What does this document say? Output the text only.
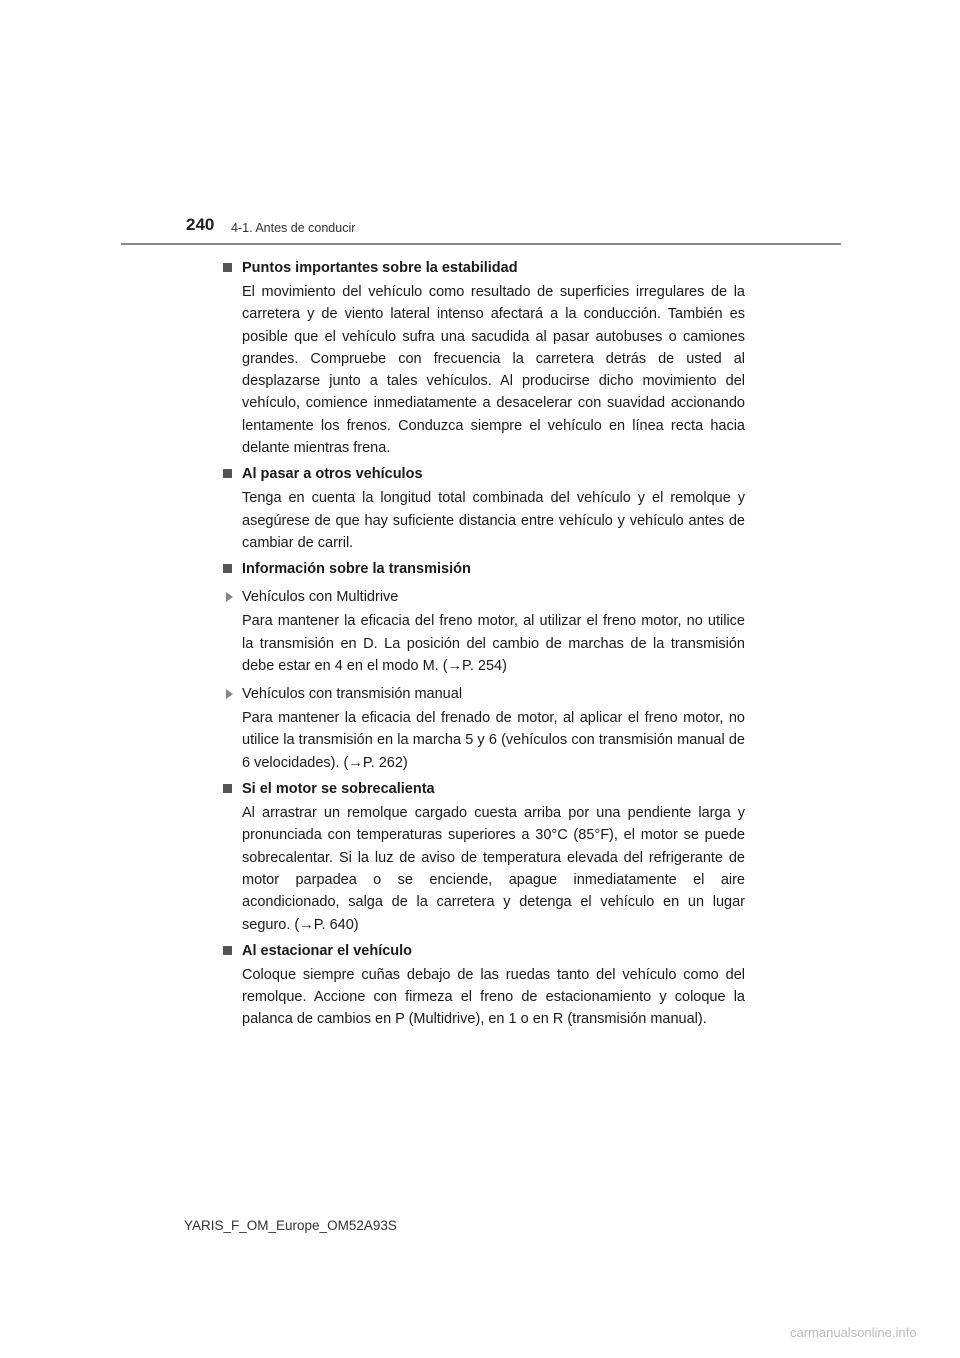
240 4-1. Antes de conducir
Puntos importantes sobre la estabilidad

El movimiento del vehículo como resultado de superficies irregulares de la carretera y de viento lateral intenso afectará a la conducción. También es posible que el vehículo sufra una sacudida al pasar autobuses o camiones grandes. Compruebe con frecuencia la carretera detrás de usted al desplazarse junto a tales vehículos. Al producirse dicho movimiento del vehículo, comience inmediatamente a desacelerar con suavidad accionando lentamente los frenos. Conduzca siempre el vehículo en línea recta hacia delante mientras frena.

Al pasar a otros vehículos

Tenga en cuenta la longitud total combinada del vehículo y el remolque y asegúrese de que hay suficiente distancia entre vehículo y vehículo antes de cambiar de carril.

Información sobre la transmisión
Vehículos con Multidrive

Para mantener la eficacia del freno motor, al utilizar el freno motor, no utilice la transmisión en D. La posición del cambio de marchas de la transmisión debe estar en 4 en el modo M. (→P. 254)

Vehículos con transmisión manual

Para mantener la eficacia del frenado de motor, al aplicar el freno motor, no utilice la transmisión en la marcha 5 y 6 (vehículos con transmisión manual de 6 velocidades). (→P. 262)

Si el motor se sobrecalienta

Al arrastrar un remolque cargado cuesta arriba por una pendiente larga y pronunciada con temperaturas superiores a 30°C (85°F), el motor se puede sobrecalentar. Si la luz de aviso de temperatura elevada del refrigerante de motor parpadea o se enciende, apague inmediatamente el aire acondicionado, salga de la carretera y detenga el vehículo en un lugar seguro. (→P. 640)

Al estacionar el vehículo

Coloque siempre cuñas debajo de las ruedas tanto del vehículo como del remolque. Accione con firmeza el freno de estacionamiento y coloque la palanca de cambios en P (Multidrive), en 1 o en R (transmisión manual).

YARIS_F_OM_Europe_OM52A93S
carmanualsonline.info
